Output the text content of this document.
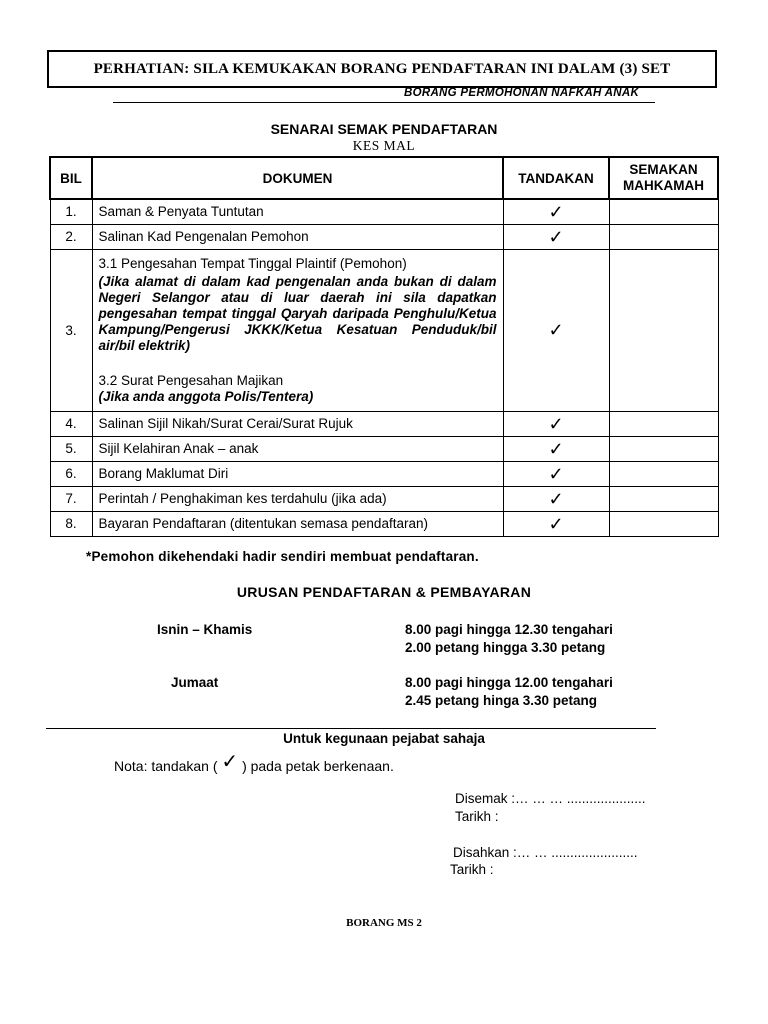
PERHATIAN: SILA KEMUKAKAN BORANG PENDAFTARAN INI DALAM (3) SET
BORANG PERMOHONAN NAFKAH ANAK
SENARAI SEMAK PENDAFTARAN
KES MAL
BIL	DOKUMEN	TANDAKAN	SEMAKAN
MAHKAMAH

1.	Saman & Penyata Tuntutan	✓	
2.	Salinan Kad Pengenalan Pemohon	✓	
3.	3.1 Pengesahan Tempat Tinggal Plaintif (Pemohon)
(Jika alamat di dalam kad pengenalan anda bukan di dalam Negeri Selangor atau di luar daerah ini sila dapatkan pengesahan tempat tinggal Qaryah daripada Penghulu/Ketua Kampung/Pengerusi JKKK/Ketua Kesatuan Penduduk/bil air/bil elektrik)
3.2 Surat Pengesahan Majikan
(Jika anda anggota Polis/Tentera)	✓	
4.	Salinan Sijil Nikah/Surat Cerai/Surat Rujuk	✓	
5.	Sijil Kelahiran Anak – anak	✓	
6.	Borang Maklumat Diri	✓	
7.	Perintah / Penghakiman kes terdahulu (jika ada)	✓	
8.	Bayaran Pendaftaran (ditentukan semasa pendaftaran)	✓	
*Pemohon dikehendaki hadir sendiri membuat pendaftaran.
URUSAN PENDAFTARAN & PEMBAYARAN
Isnin – Khamis	8.00 pagi hingga 12.30 tengahari
2.00 petang hingga 3.30 petang
Jumaat	8.00 pagi hingga 12.00 tengahari
2.45 petang hinga 3.30 petang
Untuk kegunaan pejabat sahaja
Nota: tandakan ( ✓ ) pada petak berkenaan.
Disemak :… … … .....................
Tarikh :
Disahkan :… … .......................
Tarikh :
BORANG MS 2
